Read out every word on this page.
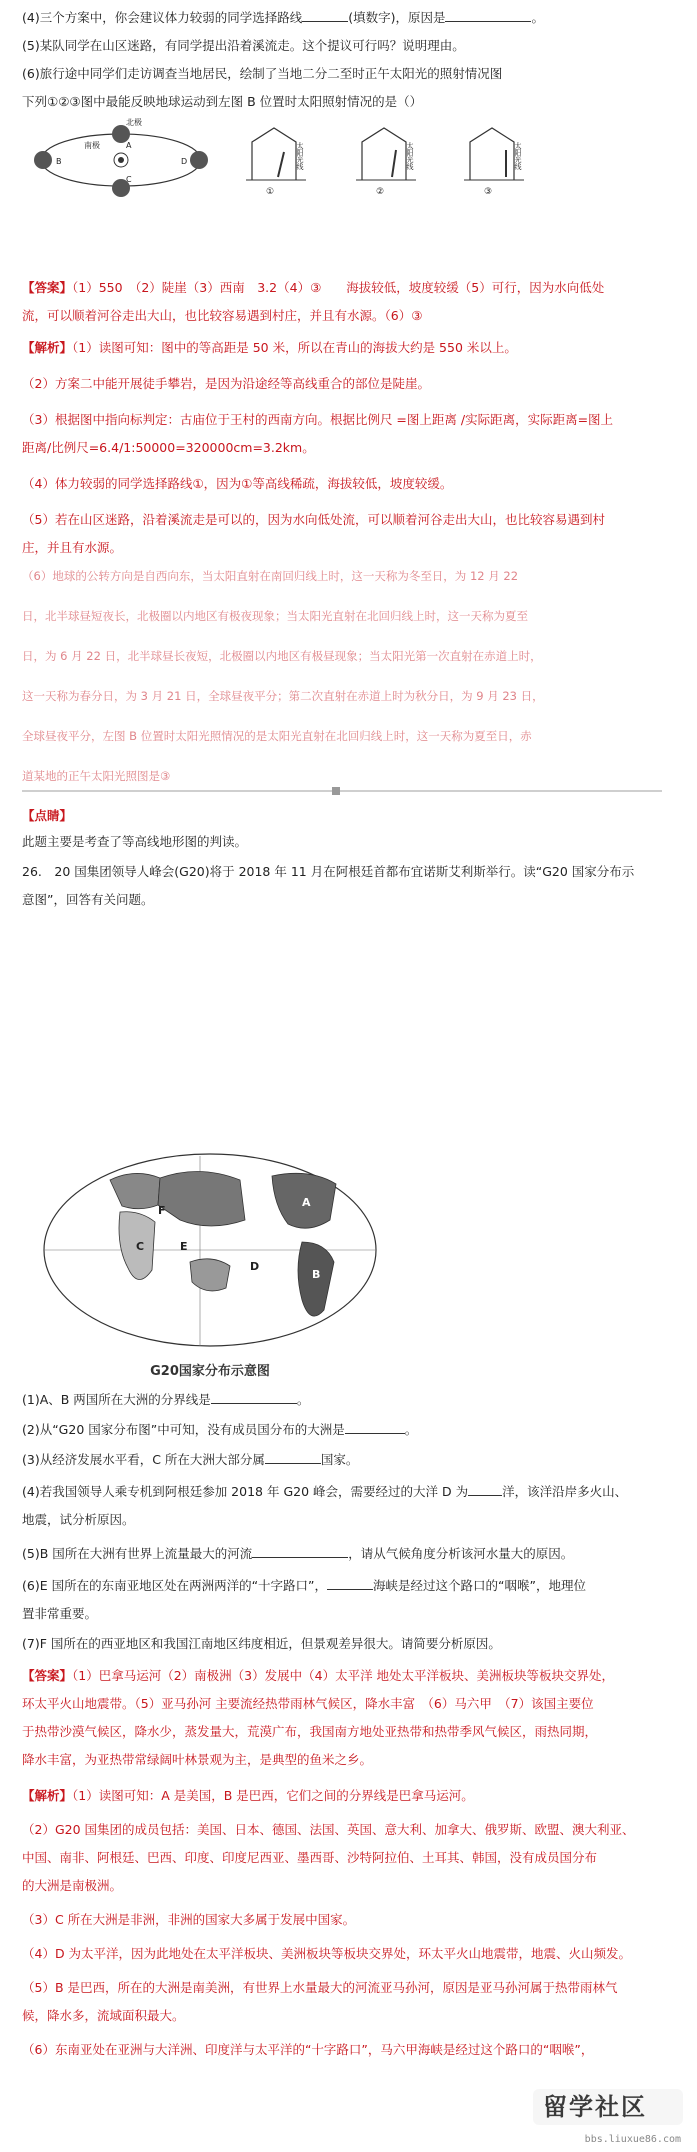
(4)三个方案中，你会建议体力较弱的同学选择路线	(填数字)，原因是	。
(5)某队同学在山区迷路，有同学提出沿着溪流走。这个提议可行吗？说明理由。
(6)旅行途中同学们走访调查当地居民，绘制了当地二分二至时正午太阳光的照射情况图
下列①②③图中最能反映地球运动到左图 B 位置时太阳照射情况的是（）
北极
A
南极
B
C
D	太阳光线
①
太阳光线
②
太阳光线
③
【答案】（1）550　（2）陡崖（3）西南　3.2（4）③　　海拔较低，坡度较缓（5）可行，因为水向低处
流，可以顺着河谷走出大山，也比较容易遇到村庄，并且有水源。（6）③
【解析】（1）读图可知：图中的等高距是 50 米，所以在青山的海拔大约是 550 米以上。
（2）方案二中能开展徒手攀岩，是因为沿途经等高线重合的部位是陡崖。
（3）根据图中指向标判定：古庙位于王村的西南方向。根据比例尺 =图上距离 /实际距离，实际距离=图上
距离/比例尺=6.4/1:50000=320000cm=3.2km。
（4）体力较弱的同学选择路线①，因为①等高线稀疏，海拔较低，坡度较缓。
（5）若在山区迷路，沿着溪流走是可以的，因为水向低处流，可以顺着河谷走出大山，也比较容易遇到村
庄，并且有水源。
（6）地球的公转方向是自西向东，当太阳直射在南回归线上时，这一天称为冬至日，为 12 月 22
日，北半球昼短夜长，北极圈以内地区有极夜现象；当太阳光直射在北回归线上时，这一天称为夏至
日，为 6 月 22 日，北半球昼长夜短，北极圈以内地区有极昼现象；当太阳光第一次直射在赤道上时，
这一天称为春分日，为 3 月 21 日，全球昼夜平分；第二次直射在赤道上时为秋分日，为 9 月 23 日，
全球昼夜平分，左图 B 位置时太阳光照情况的是太阳光直射在北回归线上时，这一天称为夏至日，赤
道某地的正午太阳光照图是③
【点睛】
此题主要是考查了等高线地形图的判读。
26.　20 国集团领导人峰会(G20)将于 2018 年 11 月在阿根廷首都布宜诺斯艾利斯举行。读“G20 国家分布示
意图”，回答有关问题。
A
B
C
D
E
F
G20国家分布示意图
(1)A、B 两国所在大洲的分界线是	。
(2)从“G20 国家分布图”中可知，没有成员国分布的大洲是	。
(3)从经济发展水平看，C 所在大洲大部分属	国家。
(4)若我国领导人乘专机到阿根廷参加 2018 年 G20 峰会，需要经过的大洋 D 为	洋，该洋沿岸多火山、
地震，试分析原因。
(5)B 国所在大洲有世界上流量最大的河流	，请从气候角度分析该河水量大的原因。
(6)E 国所在的东南亚地区处在两洲两洋的“十字路口”，	海峡是经过这个路口的“咽喉”，地理位
置非常重要。
(7)F 国所在的西亚地区和我国江南地区纬度相近，但景观差异很大。请简要分析原因。
【答案】（1）巴拿马运河（2）南极洲（3）发展中（4）太平洋 地处太平洋板块、美洲板块等板块交界处，
环太平火山地震带。（5）亚马孙河 主要流经热带雨林气候区，降水丰富　（6）马六甲　（7）该国主要位
于热带沙漠气候区，降水少，蒸发量大，荒漠广布，我国南方地处亚热带和热带季风气候区，雨热同期，
降水丰富，为亚热带常绿阔叶林景观为主，是典型的鱼米之乡。
【解析】（1）读图可知：A 是美国，B 是巴西，它们之间的分界线是巴拿马运河。
（2）G20 国集团的成员包括：美国、日本、德国、法国、英国、意大利、加拿大、俄罗斯、欧盟、澳大利亚、
中国、南非、阿根廷、巴西、印度、印度尼西亚、墨西哥、沙特阿拉伯、土耳其、韩国，没有成员国分布
的大洲是南极洲。
（3）C 所在大洲是非洲，非洲的国家大多属于发展中国家。
（4）D 为太平洋，因为此地处在太平洋板块、美洲板块等板块交界处，环太平火山地震带，地震、火山频发。
（5）B 是巴西，所在的大洲是南美洲，有世界上水量最大的河流亚马孙河，原因是亚马孙河属于热带雨林气
候，降水多，流域面积最大。
（6）东南亚处在亚洲与大洋洲、印度洋与太平洋的“十字路口”，马六甲海峡是经过这个路口的“咽喉”，
留学社区
bbs.liuxue86.com
